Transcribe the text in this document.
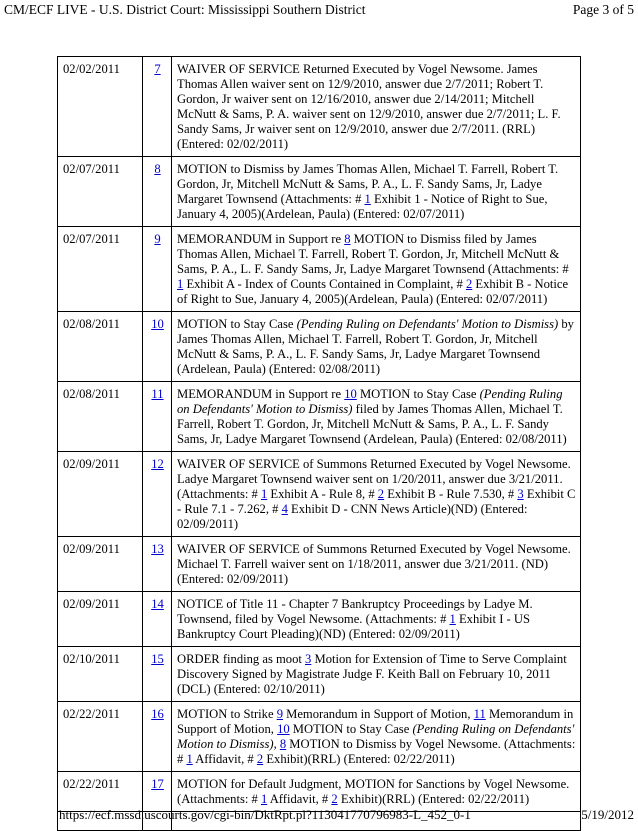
CM/ECF LIVE - U.S. District Court: Mississippi Southern District	Page 3 of 5
02/02/2011	7	WAIVER OF SERVICE Returned Executed by Vogel Newsome. James Thomas Allen waiver sent on 12/9/2010, answer due 2/7/2011; Robert T. Gordon, Jr waiver sent on 12/16/2010, answer due 2/14/2011; Mitchell McNutt & Sams, P. A. waiver sent on 12/9/2010, answer due 2/7/2011; L. F. Sandy Sams, Jr waiver sent on 12/9/2010, answer due 2/7/2011. (RRL) (Entered: 02/02/2011)
02/07/2011	8	MOTION to Dismiss by James Thomas Allen, Michael T. Farrell, Robert T. Gordon, Jr, Mitchell McNutt & Sams, P. A., L. F. Sandy Sams, Jr, Ladye Margaret Townsend (Attachments: # 1 Exhibit 1 - Notice of Right to Sue, January 4, 2005)(Ardelean, Paula) (Entered: 02/07/2011)
02/07/2011	9	MEMORANDUM in Support re 8 MOTION to Dismiss filed by James Thomas Allen, Michael T. Farrell, Robert T. Gordon, Jr, Mitchell McNutt & Sams, P. A., L. F. Sandy Sams, Jr, Ladye Margaret Townsend (Attachments: # 1 Exhibit A - Index of Counts Contained in Complaint, # 2 Exhibit B - Notice of Right to Sue, January 4, 2005)(Ardelean, Paula) (Entered: 02/07/2011)
02/08/2011	10	MOTION to Stay Case (Pending Ruling on Defendants' Motion to Dismiss) by James Thomas Allen, Michael T. Farrell, Robert T. Gordon, Jr, Mitchell McNutt & Sams, P. A., L. F. Sandy Sams, Jr, Ladye Margaret Townsend (Ardelean, Paula) (Entered: 02/08/2011)
02/08/2011	11	MEMORANDUM in Support re 10 MOTION to Stay Case (Pending Ruling on Defendants' Motion to Dismiss) filed by James Thomas Allen, Michael T. Farrell, Robert T. Gordon, Jr, Mitchell McNutt & Sams, P. A., L. F. Sandy Sams, Jr, Ladye Margaret Townsend (Ardelean, Paula) (Entered: 02/08/2011)
02/09/2011	12	WAIVER OF SERVICE of Summons Returned Executed by Vogel Newsome. Ladye Margaret Townsend waiver sent on 1/20/2011, answer due 3/21/2011. (Attachments: # 1 Exhibit A - Rule 8, # 2 Exhibit B - Rule 7.530, # 3 Exhibit C - Rule 7.1 - 7.262, # 4 Exhibit D - CNN News Article)(ND) (Entered: 02/09/2011)
02/09/2011	13	WAIVER OF SERVICE of Summons Returned Executed by Vogel Newsome. Michael T. Farrell waiver sent on 1/18/2011, answer due 3/21/2011. (ND) (Entered: 02/09/2011)
02/09/2011	14	NOTICE of Title 11 - Chapter 7 Bankruptcy Proceedings by Ladye M. Townsend, filed by Vogel Newsome. (Attachments: # 1 Exhibit I - US Bankruptcy Court Pleading)(ND) (Entered: 02/09/2011)
02/10/2011	15	ORDER finding as moot 3 Motion for Extension of Time to Serve Complaint Discovery Signed by Magistrate Judge F. Keith Ball on February 10, 2011 (DCL) (Entered: 02/10/2011)
02/22/2011	16	MOTION to Strike 9 Memorandum in Support of Motion, 11 Memorandum in Support of Motion, 10 MOTION to Stay Case (Pending Ruling on Defendants' Motion to Dismiss), 8 MOTION to Dismiss by Vogel Newsome. (Attachments: # 1 Affidavit, # 2 Exhibit)(RRL) (Entered: 02/22/2011)
02/22/2011	17	MOTION for Default Judgment, MOTION for Sanctions by Vogel Newsome. (Attachments: # 1 Affidavit, # 2 Exhibit)(RRL) (Entered: 02/22/2011)

https://ecf.mssd.uscourts.gov/cgi-bin/DktRpt.pl?113041770796983-L_452_0-1	5/19/2012
